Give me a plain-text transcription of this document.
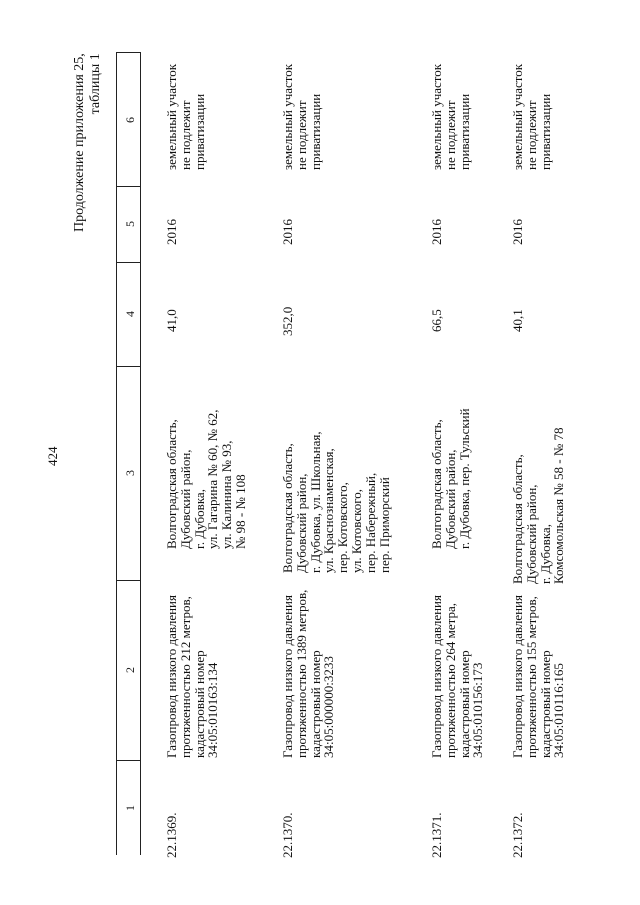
424
Продолжение приложения 25, таблицы 1
6
5
4
3
2
1
22.1369.
Газопровод низкого давления
протяженностью 212 метров,
кадастровый номер
34:05:010163:134
Волгоградская область,
Дубовский район,
г. Дубовка,
ул. Гагарина № 60, № 62,
ул. Калинина № 93,
№ 98 - № 108
41,0
2016
земельный участок
не подлежит
приватизации
22.1370.
Газопровод низкого давления
протяженностью 1389 метров,
кадастровый номер
34:05:000000:3233
Волгоградская область,
Дубовский район,
г. Дубовка, ул. Школьная,
ул. Краснознаменская,
пер. Котовского,
ул. Котовского,
пер. Набережный,
пер. Приморский
352,0
2016
земельный участок
не подлежит
приватизации
22.1371.
Газопровод низкого давления
протяженностью 264 метра,
кадастровый номер
34:05:010156:173
Волгоградская область,
Дубовский район,
г. Дубовка, пер. Тульский
66,5
2016
земельный участок
не подлежит
приватизации
22.1372.
Газопровод низкого давления
протяженностью 155 метров,
кадастровый номер
34:05:010116:165
Волгоградская область,
Дубовский район,
г. Дубовка,
Комсомольская № 58 - № 78
40,1
2016
земельный участок
не подлежит
приватизации
